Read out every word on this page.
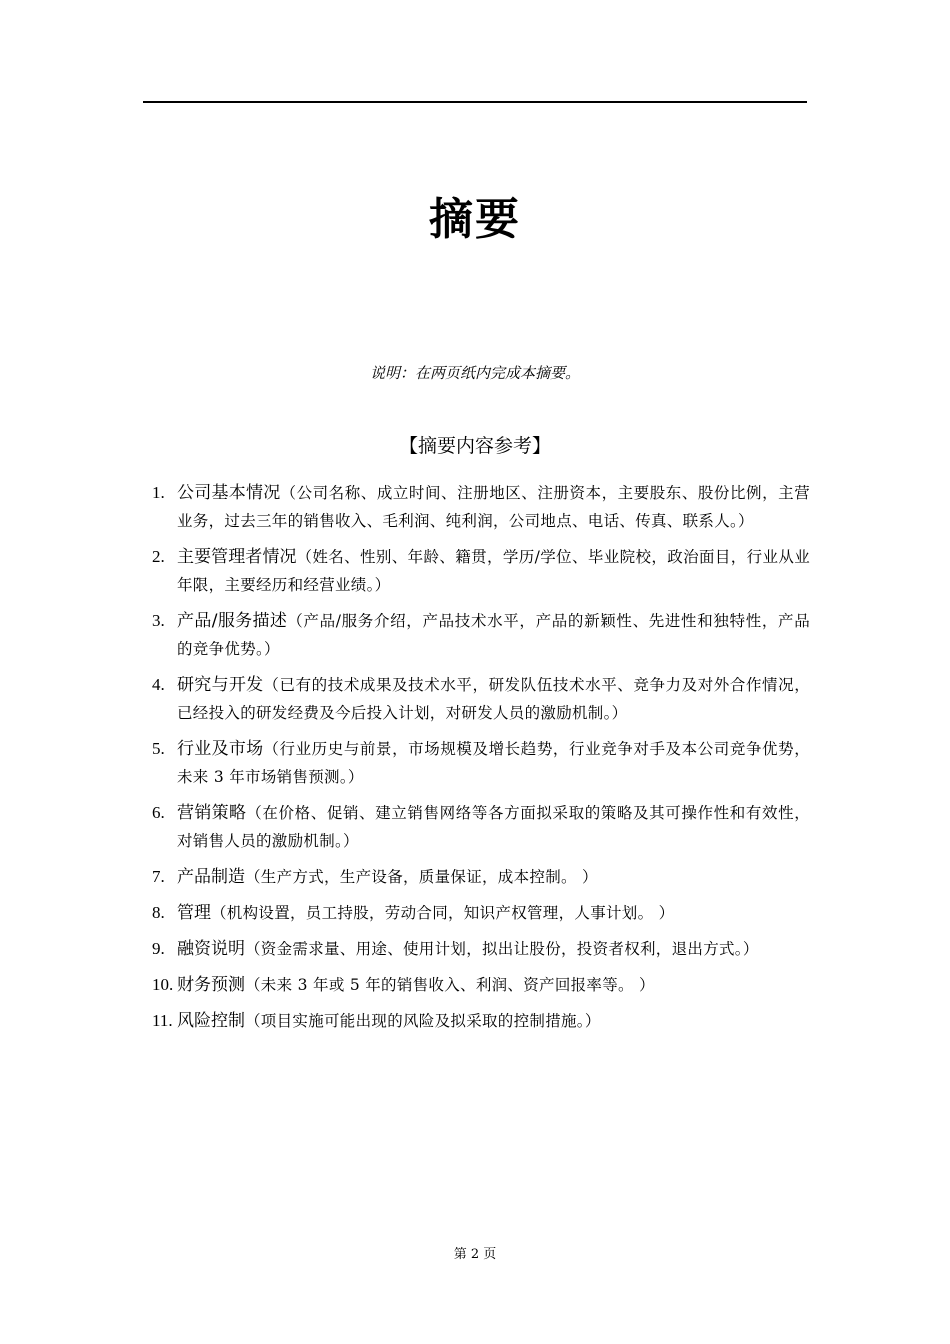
摘要
说明：在两页纸内完成本摘要。
【摘要内容参考】
1. 公司基本情况（公司名称、成立时间、注册地区、注册资本，主要股东、股份比例，主营业务，过去三年的销售收入、毛利润、纯利润，公司地点、电话、传真、联系人。）
2. 主要管理者情况（姓名、性别、年龄、籍贯，学历/学位、毕业院校，政治面目，行业从业年限，主要经历和经营业绩。）
3. 产品/服务描述（产品/服务介绍，产品技术水平，产品的新颖性、先进性和独特性，产品的竞争优势。）
4. 研究与开发（已有的技术成果及技术水平，研发队伍技术水平、竞争力及对外合作情况，已经投入的研发经费及今后投入计划，对研发人员的激励机制。）
5. 行业及市场（行业历史与前景，市场规模及增长趋势，行业竞争对手及本公司竞争优势，未来 3 年市场销售预测。）
6. 营销策略（在价格、促销、建立销售网络等各方面拟采取的策略及其可操作性和有效性，对销售人员的激励机制。）
7. 产品制造（生产方式，生产设备，质量保证，成本控制。 ）
8. 管理（机构设置，员工持股，劳动合同，知识产权管理，人事计划。 ）
9. 融资说明（资金需求量、用途、使用计划，拟出让股份，投资者权利，退出方式。）
10. 财务预测（未来 3 年或 5 年的销售收入、利润、资产回报率等。 ）
11. 风险控制（项目实施可能出现的风险及拟采取的控制措施。）
第 2 页
